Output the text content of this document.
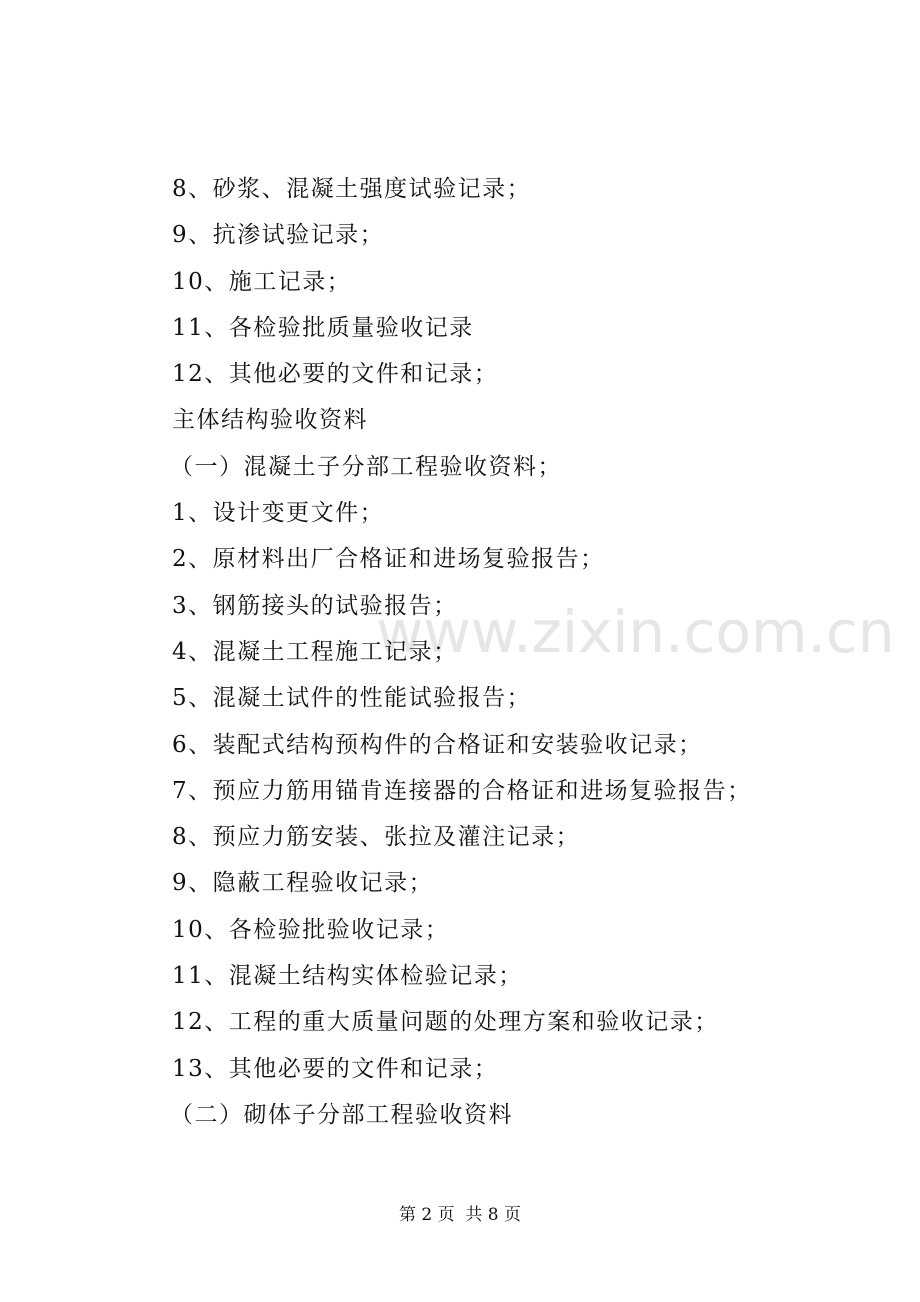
www.zixin.com.cn
8、砂浆、混凝土强度试验记录；
9、抗渗试验记录；
10、施工记录；
11、各检验批质量验收记录
12、其他必要的文件和记录；
主体结构验收资料
（一）混凝土子分部工程验收资料；
1、设计变更文件；
2、原材料出厂合格证和进场复验报告；
3、钢筋接头的试验报告；
4、混凝土工程施工记录；
5、混凝土试件的性能试验报告；
6、装配式结构预构件的合格证和安装验收记录；
7、预应力筋用锚肯连接器的合格证和进场复验报告；
8、预应力筋安装、张拉及灌注记录；
9、隐蔽工程验收记录；
10、各检验批验收记录；
11、混凝土结构实体检验记录；
12、工程的重大质量问题的处理方案和验收记录；
13、其他必要的文件和记录；
（二）砌体子分部工程验收资料
第 2 页  共 8 页
